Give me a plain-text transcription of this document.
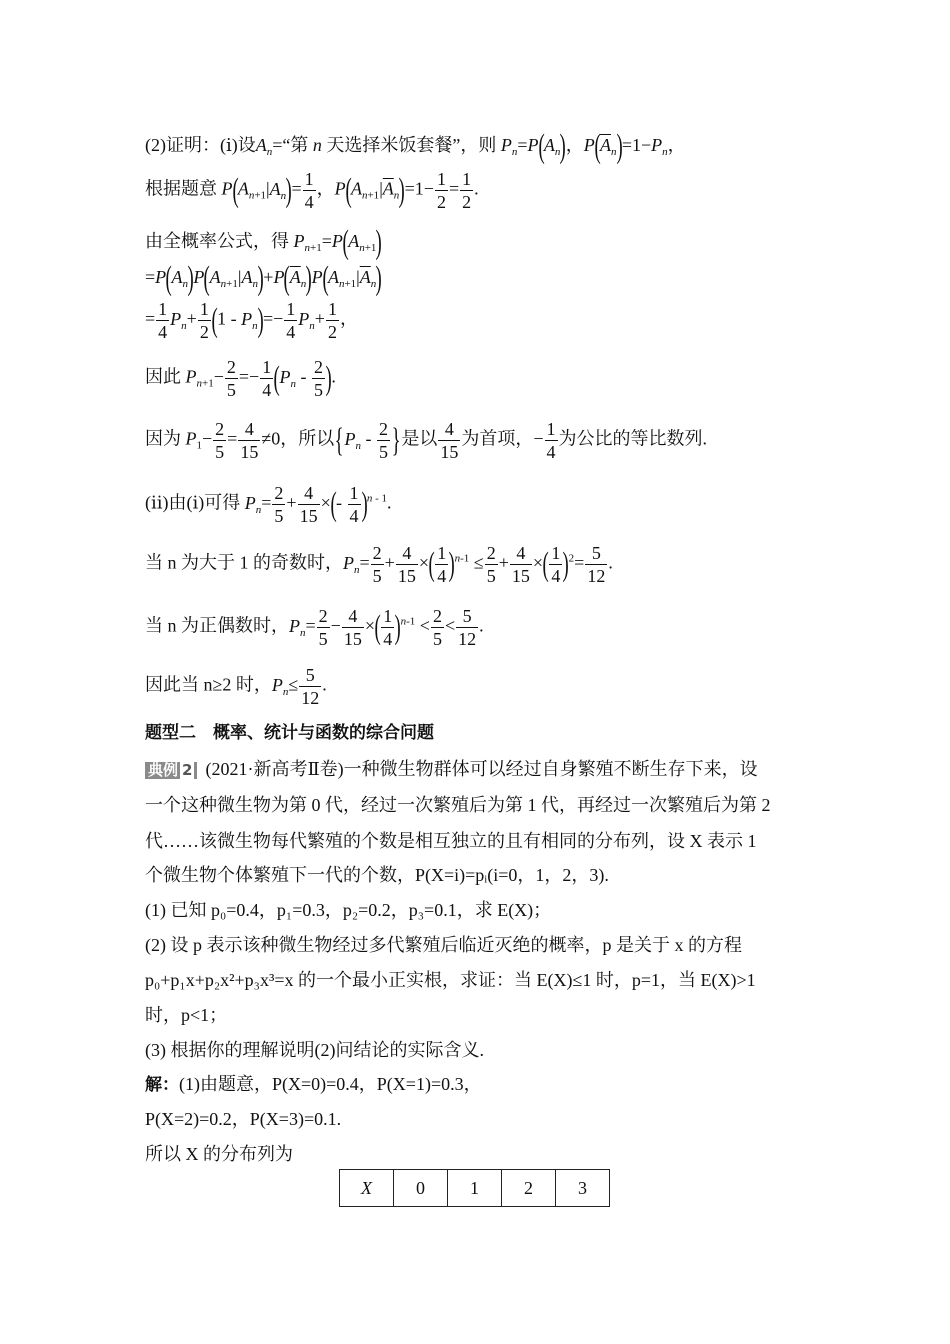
(2)证明：(ⅰ)设$A_n=“$第 n 天选择米饭套餐”，则 $P_n=P(A_n)$，$P(\overline{A}_n)=1-P_n$，
根据题意 $P(A_{n+1}|A_n)= \frac{1}{4}$ ，$P(A_{n+1}|\overline{A}_n)=1- \frac{1}{2} = \frac{1}{2}$ .
由全概率公式，得 $P_{n+1}=P(A_{n+1})$
$=P(A_n)P(A_{n+1}|A_n)+P(\overline{A}_n)P(A_{n+1}|\overline{A}_n)$
= $\frac{1}{4} P_n+ \frac{1}{2} (1 - P_n)=- \frac{1}{4} P_n+ \frac{1}{2}$ ，
因此 $P_{n+1}- \frac{2}{5} =- \frac{1}{4} (P_n - \frac{2}{5}$ ).
因为 $P_1- \frac{2}{5} = \frac{4}{15} \ne 0$，所以{$P_n - \frac{2}{5}$ }是以 $\frac{4}{15}$ 为首项，− $\frac{1}{4}$ 为公比的等比数列.
(ⅱ)由(ⅰ)可得 $P_n= \frac{2}{5} + \frac{4}{15}$ ×(- $\frac{1}{4} )^{n - 1}$.
当 n 为大于 1 的奇数时，$P_n= \frac{2}{5} + \frac{4}{15}$ ×( $\frac{1}{4} )^{n-1} \le \frac{2}{5} + \frac{4}{15}$ ×( $\frac{1}{4} )^2= \frac{5}{12}$ .
当 n 为正偶数时，$P_n= \frac{2}{5} - \frac{4}{15}$ ×( $\frac{1}{4} )^{n-1} < \frac{2}{5} < \frac{5}{12}$ .
因此当 n≥2 时，$P_n\le \frac{5}{12}$ .
题型二　概率、统计与函数的综合问题
典例 2 (2021·新高考Ⅱ卷)一种微生物群体可以经过自身繁殖不断生存下来，设
一个这种微生物为第 0 代，经过一次繁殖后为第 1 代，再经过一次繁殖后为第 2
代……该微生物每代繁殖的个数是相互独立的且有相同的分布列，设 X 表示 1
个微生物个体繁殖下一代的个数，P(X=i)=pᵢ(i=0，1，2，3).
(1) 已知 p₀=0.4，p₁=0.3，p₂=0.2，p₃=0.1，求 E(X)；
(2) 设 p 表示该种微生物经过多代繁殖后临近灭绝的概率，p 是关于 x 的方程
p₀+p₁x+p₂x²+p₃x³=x 的一个最小正实根，求证：当 E(X)≤1 时，p=1，当 E(X)>1
时，p<1；
(3) 根据你的理解说明(2)问结论的实际含义.
解：(1)由题意，P(X=0)=0.4，P(X=1)=0.3，
P(X=2)=0.2，P(X=3)=0.1.
所以 X 的分布列为
X	0	1	2	3
